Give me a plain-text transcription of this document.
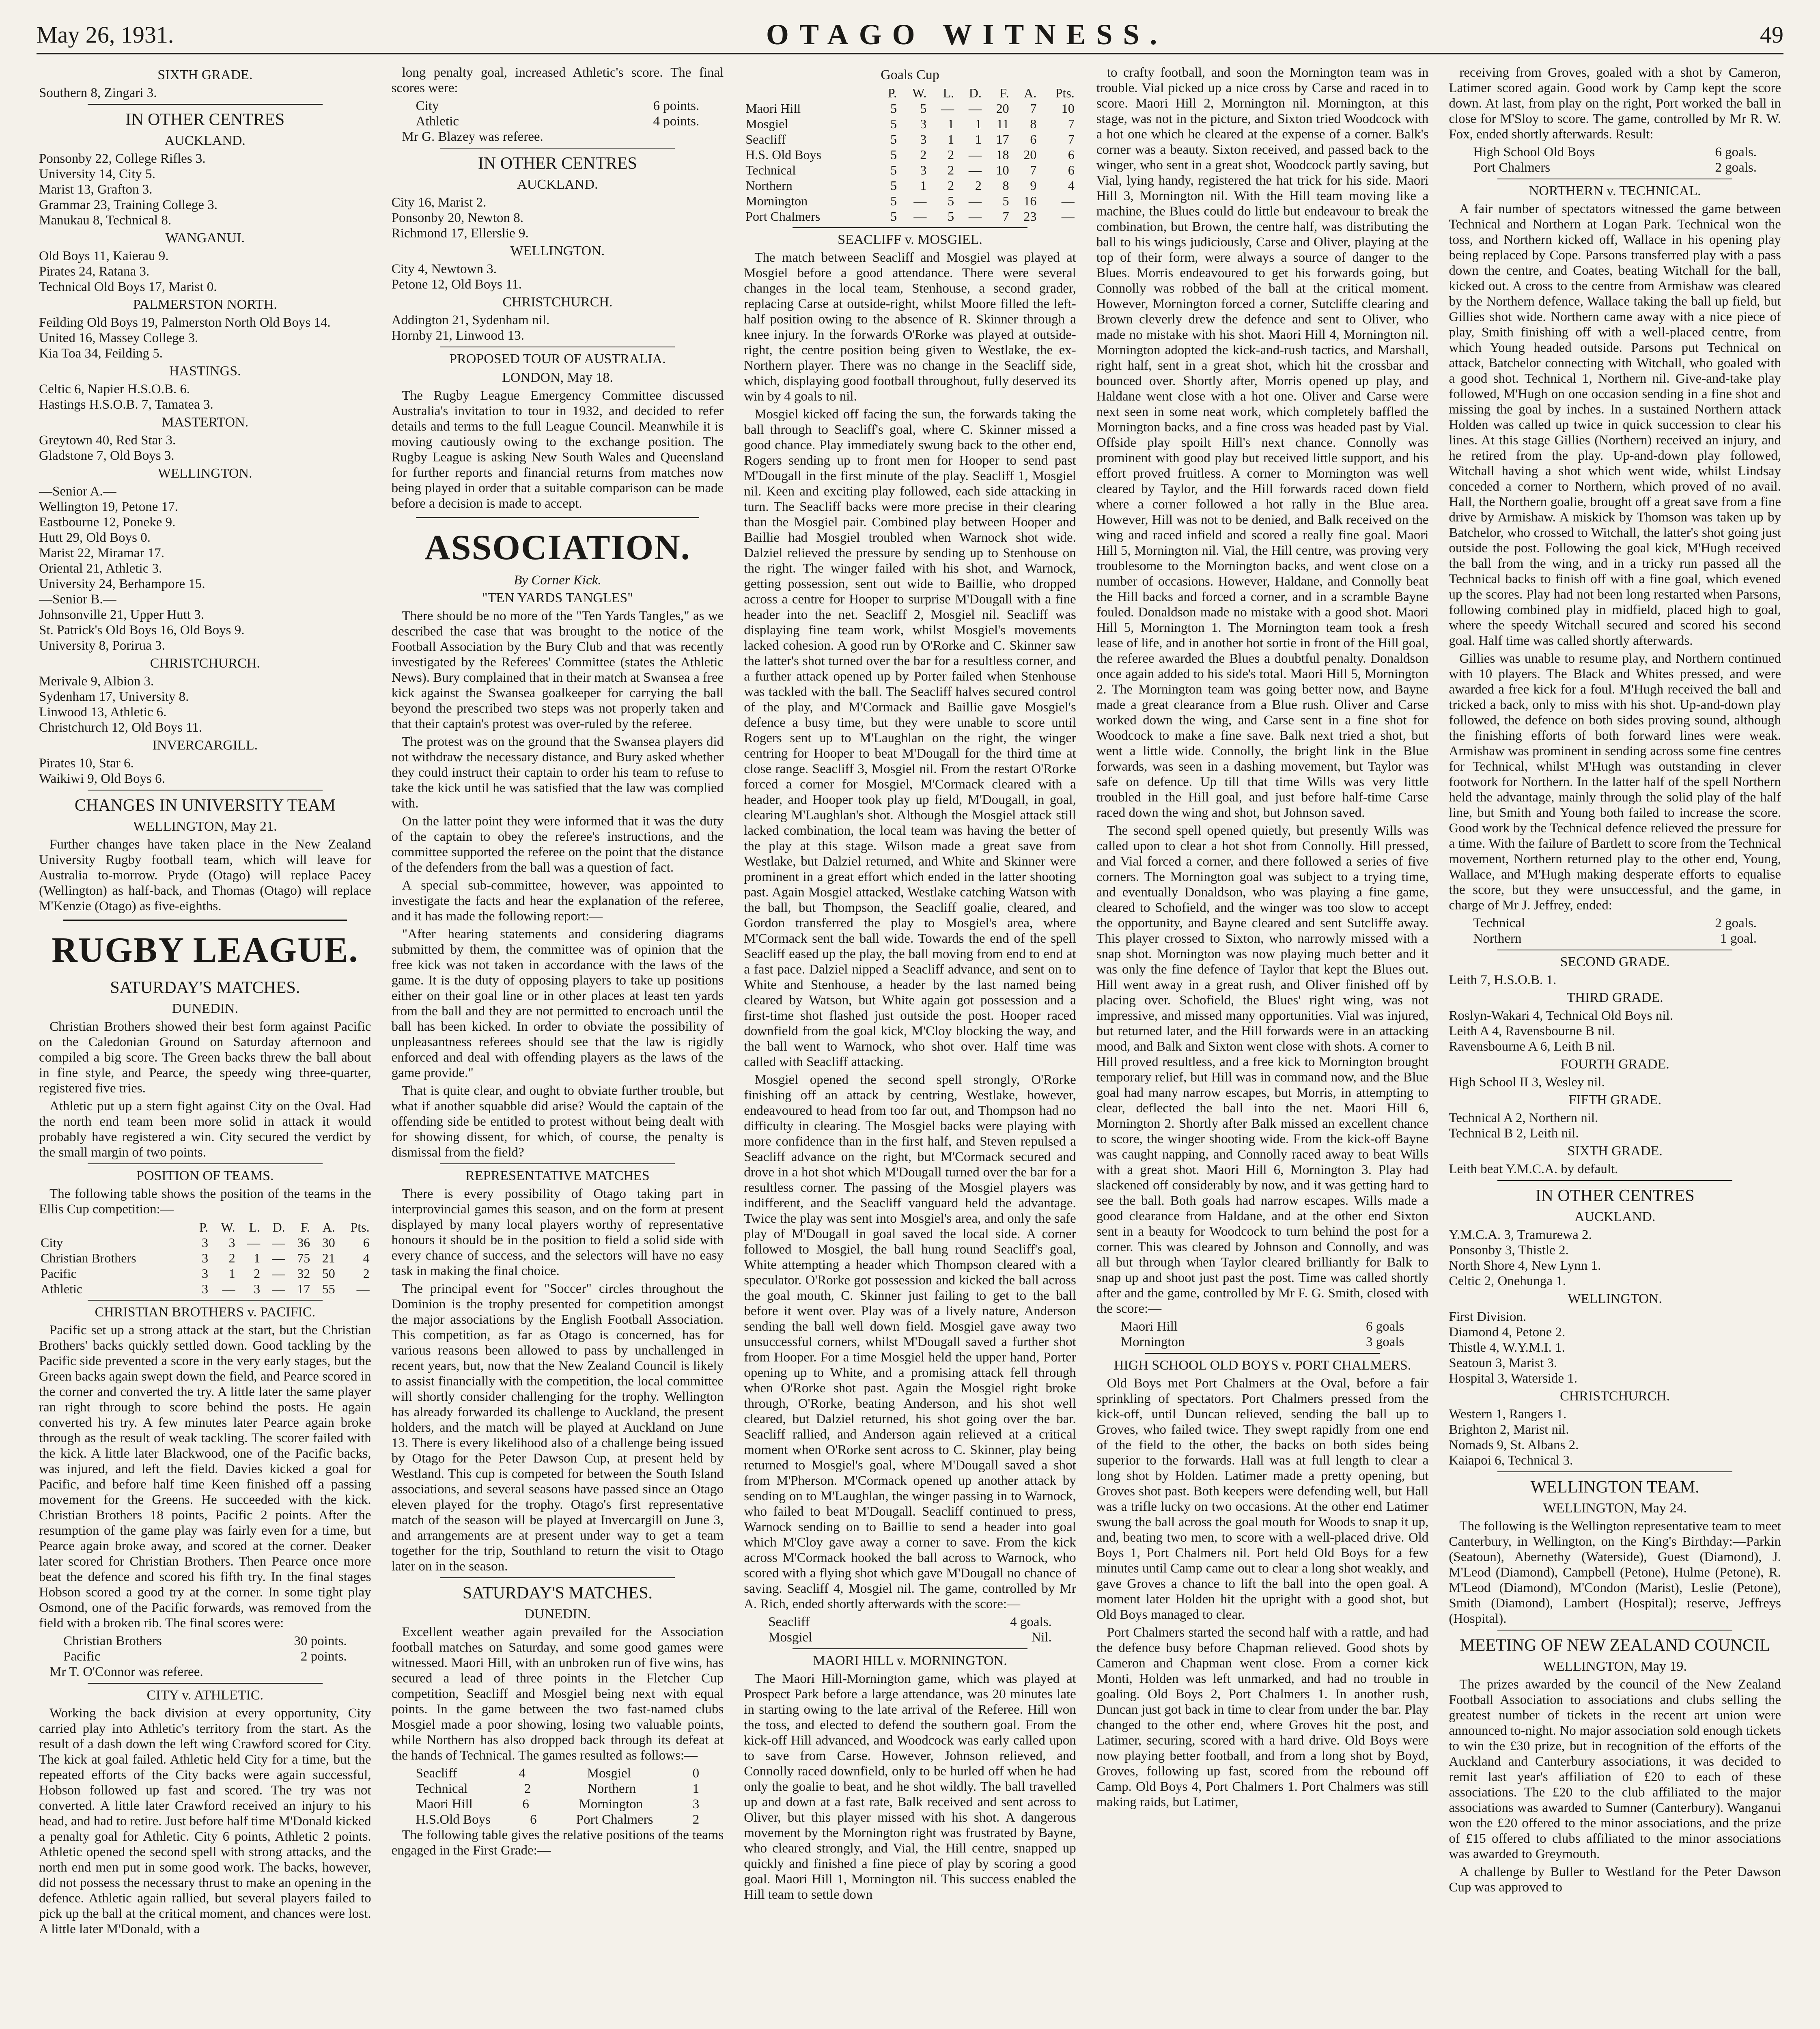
May 26, 1931.	OTAGO WITNESS.	49
SIXTH GRADE.

Southern 8, Zingari 3.

IN OTHER CENTRES
AUCKLAND.

Ponsonby 22, College Rifles 3.

University 14, City 5.

Marist 13, Grafton 3.

Grammar 23, Training College 3.

Manukau 8, Technical 8.

WANGANUI.

Old Boys 11, Kaierau 9.

Pirates 24, Ratana 3.

Technical Old Boys 17, Marist 0.

PALMERSTON NORTH.

Feilding Old Boys 19, Palmerston North Old Boys 14.

United 16, Massey College 3.

Kia Toa 34, Feilding 5.

HASTINGS.

Celtic 6, Napier H.S.O.B. 6.

Hastings H.S.O.B. 7, Tamatea 3.

MASTERTON.

Greytown 40, Red Star 3.

Gladstone 7, Old Boys 3.

WELLINGTON.

—Senior A.—

Wellington 19, Petone 17.

Eastbourne 12, Poneke 9.

Hutt 29, Old Boys 0.

Marist 22, Miramar 17.

Oriental 21, Athletic 3.

University 24, Berhampore 15.

—Senior B.—

Johnsonville 21, Upper Hutt 3.

St. Patrick's Old Boys 16, Old Boys 9.

University 8, Porirua 3.

CHRISTCHURCH.

Merivale 9, Albion 3.

Sydenham 17, University 8.

Linwood 13, Athletic 6.

Christchurch 12, Old Boys 11.

INVERCARGILL.

Pirates 10, Star 6.

Waikiwi 9, Old Boys 6.

CHANGES IN UNIVERSITY TEAM
WELLINGTON, May 21.

Further changes have taken place in the New Zealand University Rugby football team, which will leave for Australia to-morrow. Pryde (Otago) will replace Pacey (Wellington) as half-back, and Thomas (Otago) will replace M'Kenzie (Otago) as five-eighths.

RUGBY LEAGUE.
SATURDAY'S MATCHES.
DUNEDIN.

Christian Brothers showed their best form against Pacific on the Caledonian Ground on Saturday afternoon and compiled a big score. The Green backs threw the ball about in fine style, and Pearce, the speedy wing three-quarter, registered five tries.

Athletic put up a stern fight against City on the Oval. Had the north end team been more solid in attack it would probably have registered a win. City secured the verdict by the small margin of two points.

POSITION OF TEAMS.

The following table shows the position of the teams in the Ellis Cup competition:—

	P.	W.	L.	D.	F.	A.	Pts.
City	3	3	—	—	36	30	6
Christian Brothers	3	2	1	—	75	21	4
Pacific	3	1	2	—	32	50	2
Athletic	3	—	3	—	17	55	—
CHRISTIAN BROTHERS v. PACIFIC.

Pacific set up a strong attack at the start, but the Christian Brothers' backs quickly settled down. Good tackling by the Pacific side prevented a score in the very early stages, but the Green backs again swept down the field, and Pearce scored in the corner and converted the try. A little later the same player ran right through to score behind the posts. He again converted his try. A few minutes later Pearce again broke through as the result of weak tackling. The scorer failed with the kick. A little later Blackwood, one of the Pacific backs, was injured, and left the field. Davies kicked a goal for Pacific, and before half time Keen finished off a passing movement for the Greens. He succeeded with the kick. Christian Brothers 18 points, Pacific 2 points. After the resumption of the game play was fairly even for a time, but Pearce again broke away, and scored at the corner. Deaker later scored for Christian Brothers. Then Pearce once more beat the defence and scored his fifth try. In the final stages Hobson scored a good try at the corner. In some tight play Osmond, one of the Pacific forwards, was removed from the field with a broken rib. The final scores were:

Christian Brothers	30 points.
Pacific	2 points.

Mr T. O'Connor was referee.

CITY v. ATHLETIC.

Working the back division at every opportunity, City carried play into Athletic's territory from the start. As the result of a dash down the left wing Crawford scored for City. The kick at goal failed. Athletic held City for a time, but the repeated efforts of the City backs were again successful, Hobson followed up fast and scored. The try was not converted. A little later Crawford received an injury to his head, and had to retire. Just before half time M'Donald kicked a penalty goal for Athletic. City 6 points, Athletic 2 points. Athletic opened the second spell with strong attacks, and the north end men put in some good work. The backs, however, did not possess the necessary thrust to make an opening in the defence. Athletic again rallied, but several players failed to pick up the ball at the critical moment, and chances were lost. A little later M'Donald, with a

long penalty goal, increased Athletic's score. The final scores were:

City	6 points.
Athletic	4 points.

Mr G. Blazey was referee.

IN OTHER CENTRES
AUCKLAND.

City 16, Marist 2.

Ponsonby 20, Newton 8.

Richmond 17, Ellerslie 9.

WELLINGTON.

City 4, Newtown 3.

Petone 12, Old Boys 11.

CHRISTCHURCH.

Addington 21, Sydenham nil.

Hornby 21, Linwood 13.

PROPOSED TOUR OF AUSTRALIA.
LONDON, May 18.

The Rugby League Emergency Committee discussed Australia's invitation to tour in 1932, and decided to refer details and terms to the full League Council. Meanwhile it is moving cautiously owing to the exchange position. The Rugby League is asking New South Wales and Queensland for further reports and financial returns from matches now being played in order that a suitable comparison can be made before a decision is made to accept.

ASSOCIATION.
By Corner Kick.
"TEN YARDS TANGLES"

There should be no more of the "Ten Yards Tangles," as we described the case that was brought to the notice of the Football Association by the Bury Club and that was recently investigated by the Referees' Committee (states the Athletic News). Bury complained that in their match at Swansea a free kick against the Swansea goalkeeper for carrying the ball beyond the prescribed two steps was not properly taken and that their captain's protest was over-ruled by the referee.

The protest was on the ground that the Swansea players did not withdraw the necessary distance, and Bury asked whether they could instruct their captain to order his team to refuse to take the kick until he was satisfied that the law was complied with.

On the latter point they were informed that it was the duty of the captain to obey the referee's instructions, and the committee supported the referee on the point that the distance of the defenders from the ball was a question of fact.

A special sub-committee, however, was appointed to investigate the facts and hear the explanation of the referee, and it has made the following report:—

"After hearing statements and considering diagrams submitted by them, the committee was of opinion that the free kick was not taken in accordance with the laws of the game. It is the duty of opposing players to take up positions either on their goal line or in other places at least ten yards from the ball and they are not permitted to encroach until the ball has been kicked. In order to obviate the possibility of unpleasantness referees should see that the law is rigidly enforced and deal with offending players as the laws of the game provide."

That is quite clear, and ought to obviate further trouble, but what if another squabble did arise? Would the captain of the offending side be entitled to protest without being dealt with for showing dissent, for which, of course, the penalty is dismissal from the field?

REPRESENTATIVE MATCHES

There is every possibility of Otago taking part in interprovincial games this season, and on the form at present displayed by many local players worthy of representative honours it should be in the position to field a solid side with every chance of success, and the selectors will have no easy task in making the final choice.

The principal event for "Soccer" circles throughout the Dominion is the trophy presented for competition amongst the major associations by the English Football Association. This competition, as far as Otago is concerned, has for various reasons been allowed to pass by unchallenged in recent years, but, now that the New Zealand Council is likely to assist financially with the competition, the local committee will shortly consider challenging for the trophy. Wellington has already forwarded its challenge to Auckland, the present holders, and the match will be played at Auckland on June 13. There is every likelihood also of a challenge being issued by Otago for the Peter Dawson Cup, at present held by Westland. This cup is competed for between the South Island associations, and several seasons have passed since an Otago eleven played for the trophy. Otago's first representative match of the season will be played at Invercargill on June 3, and arrangements are at present under way to get a team together for the trip, Southland to return the visit to Otago later on in the season.

SATURDAY'S MATCHES.
DUNEDIN.

Excellent weather again prevailed for the Association football matches on Saturday, and some good games were witnessed. Maori Hill, with an unbroken run of five wins, has secured a lead of three points in the Fletcher Cup competition, Seacliff and Mosgiel being next with equal points. In the game between the two fast-named clubs Mosgiel made a poor showing, losing two valuable points, while Northern has also dropped back through its defeat at the hands of Technical. The games resulted as follows:—

Seacliff	4	Mosgiel	0
Technical	2	Northern	1
Maori Hill	6	Mornington	3
H.S.Old Boys	6	Port Chalmers	2

The following table gives the relative positions of the teams engaged in the First Grade:—

Goals Cup
	P.	W.	L.	D.	F.	A.	Pts.
Maori Hill	5	5	—	—	20	7	10
Mosgiel	5	3	1	1	11	8	7
Seacliff	5	3	1	1	17	6	7
H.S. Old Boys	5	2	2	—	18	20	6
Technical	5	3	2	—	10	7	6
Northern	5	1	2	2	8	9	4
Mornington	5	—	5	—	5	16	—
Port Chalmers	5	—	5	—	7	23	—
SEACLIFF v. MOSGIEL.

The match between Seacliff and Mosgiel was played at Mosgiel before a good attendance. There were several changes in the local team, Stenhouse, a second grader, replacing Carse at outside-right, whilst Moore filled the left-half position owing to the absence of R. Skinner through a knee injury. In the forwards O'Rorke was played at outside-right, the centre position being given to Westlake, the ex-Northern player. There was no change in the Seacliff side, which, displaying good football throughout, fully deserved its win by 4 goals to nil.

Mosgiel kicked off facing the sun, the forwards taking the ball through to Seacliff's goal, where C. Skinner missed a good chance. Play immediately swung back to the other end, Rogers sending up to front men for Hooper to send past M'Dougall in the first minute of the play. Seacliff 1, Mosgiel nil. Keen and exciting play followed, each side attacking in turn. The Seacliff backs were more precise in their clearing than the Mosgiel pair. Combined play between Hooper and Baillie had Mosgiel troubled when Warnock shot wide. Dalziel relieved the pressure by sending up to Stenhouse on the right. The winger failed with his shot, and Warnock, getting possession, sent out wide to Baillie, who dropped across a centre for Hooper to surprise M'Dougall with a fine header into the net. Seacliff 2, Mosgiel nil. Seacliff was displaying fine team work, whilst Mosgiel's movements lacked cohesion. A good run by O'Rorke and C. Skinner saw the latter's shot turned over the bar for a resultless corner, and a further attack opened up by Porter failed when Stenhouse was tackled with the ball. The Seacliff halves secured control of the play, and M'Cormack and Baillie gave Mosgiel's defence a busy time, but they were unable to score until Rogers sent up to M'Laughlan on the right, the winger centring for Hooper to beat M'Dougall for the third time at close range. Seacliff 3, Mosgiel nil. From the restart O'Rorke forced a corner for Mosgiel, M'Cormack cleared with a header, and Hooper took play up field, M'Dougall, in goal, clearing M'Laughlan's shot. Although the Mosgiel attack still lacked combination, the local team was having the better of the play at this stage. Wilson made a great save from Westlake, but Dalziel returned, and White and Skinner were prominent in a great effort which ended in the latter shooting past. Again Mosgiel attacked, Westlake catching Watson with the ball, but Thompson, the Seacliff goalie, cleared, and Gordon transferred the play to Mosgiel's area, where M'Cormack sent the ball wide. Towards the end of the spell Seacliff eased up the play, the ball moving from end to end at a fast pace. Dalziel nipped a Seacliff advance, and sent on to White and Stenhouse, a header by the last named being cleared by Watson, but White again got possession and a first-time shot flashed just outside the post. Hooper raced downfield from the goal kick, M'Cloy blocking the way, and the ball went to Warnock, who shot over. Half time was called with Seacliff attacking.

Mosgiel opened the second spell strongly, O'Rorke finishing off an attack by centring, Westlake, however, endeavoured to head from too far out, and Thompson had no difficulty in clearing. The Mosgiel backs were playing with more confidence than in the first half, and Steven repulsed a Seacliff advance on the right, but M'Cormack secured and drove in a hot shot which M'Dougall turned over the bar for a resultless corner. The passing of the Mosgiel players was indifferent, and the Seacliff vanguard held the advantage. Twice the play was sent into Mosgiel's area, and only the safe play of M'Dougall in goal saved the local side. A corner followed to Mosgiel, the ball hung round Seacliff's goal, White attempting a header which Thompson cleared with a speculator. O'Rorke got possession and kicked the ball across the goal mouth, C. Skinner just failing to get to the ball before it went over. Play was of a lively nature, Anderson sending the ball well down field. Mosgiel gave away two unsuccessful corners, whilst M'Dougall saved a further shot from Hooper. For a time Mosgiel held the upper hand, Porter opening up to White, and a promising attack fell through when O'Rorke shot past. Again the Mosgiel right broke through, O'Rorke, beating Anderson, and his shot well cleared, but Dalziel returned, his shot going over the bar. Seacliff rallied, and Anderson again relieved at a critical moment when O'Rorke sent across to C. Skinner, play being returned to Mosgiel's goal, where M'Dougall saved a shot from M'Pherson. M'Cormack opened up another attack by sending on to M'Laughlan, the winger passing in to Warnock, who failed to beat M'Dougall. Seacliff continued to press, Warnock sending on to Baillie to send a header into goal which M'Cloy gave away a corner to save. From the kick across M'Cormack hooked the ball across to Warnock, who scored with a flying shot which gave M'Dougall no chance of saving. Seacliff 4, Mosgiel nil. The game, controlled by Mr A. Rich, ended shortly afterwards with the score:—

Seacliff	4 goals.
Mosgiel	Nil.
MAORI HILL v. MORNINGTON.

The Maori Hill-Mornington game, which was played at Prospect Park before a large attendance, was 20 minutes late in starting owing to the late arrival of the Referee. Hill won the toss, and elected to defend the southern goal. From the kick-off Hill advanced, and Woodcock was early called upon to save from Carse. However, Johnson relieved, and Connolly raced downfield, only to be hurled off when he had only the goalie to beat, and he shot wildly. The ball travelled up and down at a fast rate, Balk received and sent across to Oliver, but this player missed with his shot. A dangerous movement by the Mornington right was frustrated by Bayne, who cleared strongly, and Vial, the Hill centre, snapped up quickly and finished a fine piece of play by scoring a good goal. Maori Hill 1, Mornington nil. This success enabled the Hill team to settle down

to crafty football, and soon the Mornington team was in trouble. Vial picked up a nice cross by Carse and raced in to score. Maori Hill 2, Mornington nil. Mornington, at this stage, was not in the picture, and Sixton tried Woodcock with a hot one which he cleared at the expense of a corner. Balk's corner was a beauty. Sixton received, and passed back to the winger, who sent in a great shot, Woodcock partly saving, but Vial, lying handy, registered the hat trick for his side. Maori Hill 3, Mornington nil. With the Hill team moving like a machine, the Blues could do little but endeavour to break the combination, but Brown, the centre half, was distributing the ball to his wings judiciously, Carse and Oliver, playing at the top of their form, were always a source of danger to the Blues. Morris endeavoured to get his forwards going, but Connolly was robbed of the ball at the critical moment. However, Mornington forced a corner, Sutcliffe clearing and Brown cleverly drew the defence and sent to Oliver, who made no mistake with his shot. Maori Hill 4, Mornington nil. Mornington adopted the kick-and-rush tactics, and Marshall, right half, sent in a great shot, which hit the crossbar and bounced over. Shortly after, Morris opened up play, and Haldane went close with a hot one. Oliver and Carse were next seen in some neat work, which completely baffled the Mornington backs, and a fine cross was headed past by Vial. Offside play spoilt Hill's next chance. Connolly was prominent with good play but received little support, and his effort proved fruitless. A corner to Mornington was well cleared by Taylor, and the Hill forwards raced down field where a corner followed a hot rally in the Blue area. However, Hill was not to be denied, and Balk received on the wing and raced infield and scored a really fine goal. Maori Hill 5, Mornington nil. Vial, the Hill centre, was proving very troublesome to the Mornington backs, and went close on a number of occasions. However, Haldane, and Connolly beat the Hill backs and forced a corner, and in a scramble Bayne fouled. Donaldson made no mistake with a good shot. Maori Hill 5, Mornington 1. The Mornington team took a fresh lease of life, and in another hot sortie in front of the Hill goal, the referee awarded the Blues a doubtful penalty. Donaldson once again added to his side's total. Maori Hill 5, Mornington 2. The Mornington team was going better now, and Bayne made a great clearance from a Blue rush. Oliver and Carse worked down the wing, and Carse sent in a fine shot for Woodcock to make a fine save. Balk next tried a shot, but went a little wide. Connolly, the bright link in the Blue forwards, was seen in a dashing movement, but Taylor was safe on defence. Up till that time Wills was very little troubled in the Hill goal, and just before half-time Carse raced down the wing and shot, but Johnson saved.

The second spell opened quietly, but presently Wills was called upon to clear a hot shot from Connolly. Hill pressed, and Vial forced a corner, and there followed a series of five corners. The Mornington goal was subject to a trying time, and eventually Donaldson, who was playing a fine game, cleared to Schofield, and the winger was too slow to accept the opportunity, and Bayne cleared and sent Sutcliffe away. This player crossed to Sixton, who narrowly missed with a snap shot. Mornington was now playing much better and it was only the fine defence of Taylor that kept the Blues out. Hill went away in a great rush, and Oliver finished off by placing over. Schofield, the Blues' right wing, was not impressive, and missed many opportunities. Vial was injured, but returned later, and the Hill forwards were in an attacking mood, and Balk and Sixton went close with shots. A corner to Hill proved resultless, and a free kick to Mornington brought temporary relief, but Hill was in command now, and the Blue goal had many narrow escapes, but Morris, in attempting to clear, deflected the ball into the net. Maori Hill 6, Mornington 2. Shortly after Balk missed an excellent chance to score, the winger shooting wide. From the kick-off Bayne was caught napping, and Connolly raced away to beat Wills with a great shot. Maori Hill 6, Mornington 3. Play had slackened off considerably by now, and it was getting hard to see the ball. Both goals had narrow escapes. Wills made a good clearance from Haldane, and at the other end Sixton sent in a beauty for Woodcock to turn behind the post for a corner. This was cleared by Johnson and Connolly, and was all but through when Taylor cleared brilliantly for Balk to snap up and shoot just past the post. Time was called shortly after and the game, controlled by Mr F. G. Smith, closed with the score:—

Maori Hill	6 goals
Mornington	3 goals
HIGH SCHOOL OLD BOYS v. PORT CHALMERS.

Old Boys met Port Chalmers at the Oval, before a fair sprinkling of spectators. Port Chalmers pressed from the kick-off, until Duncan relieved, sending the ball up to Groves, who failed twice. They swept rapidly from one end of the field to the other, the backs on both sides being superior to the forwards. Hall was at full length to clear a long shot by Holden. Latimer made a pretty opening, but Groves shot past. Both keepers were defending well, but Hall was a trifle lucky on two occasions. At the other end Latimer swung the ball across the goal mouth for Woods to snap it up, and, beating two men, to score with a well-placed drive. Old Boys 1, Port Chalmers nil. Port held Old Boys for a few minutes until Camp came out to clear a long shot weakly, and gave Groves a chance to lift the ball into the open goal. A moment later Holden hit the upright with a good shot, but Old Boys managed to clear.

Port Chalmers started the second half with a rattle, and had the defence busy before Chapman relieved. Good shots by Cameron and Chapman went close. From a corner kick Monti, Holden was left unmarked, and had no trouble in goaling. Old Boys 2, Port Chalmers 1. In another rush, Duncan just got back in time to clear from under the bar. Play changed to the other end, where Groves hit the post, and Latimer, securing, scored with a hard drive. Old Boys were now playing better football, and from a long shot by Boyd, Groves, following up fast, scored from the rebound off Camp. Old Boys 4, Port Chalmers 1. Port Chalmers was still making raids, but Latimer,

receiving from Groves, goaled with a shot by Cameron, Latimer scored again. Good work by Camp kept the score down. At last, from play on the right, Port worked the ball in close for M'Sloy to score. The game, controlled by Mr R. W. Fox, ended shortly afterwards. Result:

High School Old Boys	6 goals.
Port Chalmers	2 goals.
NORTHERN v. TECHNICAL.

A fair number of spectators witnessed the game between Technical and Northern at Logan Park. Technical won the toss, and Northern kicked off, Wallace in his opening play being replaced by Cope. Parsons transferred play with a pass down the centre, and Coates, beating Witchall for the ball, kicked out. A cross to the centre from Armishaw was cleared by the Northern defence, Wallace taking the ball up field, but Gillies shot wide. Northern came away with a nice piece of play, Smith finishing off with a well-placed centre, from which Young headed outside. Parsons put Technical on attack, Batchelor connecting with Witchall, who goaled with a good shot. Technical 1, Northern nil. Give-and-take play followed, M'Hugh on one occasion sending in a fine shot and missing the goal by inches. In a sustained Northern attack Holden was called up twice in quick succession to clear his lines. At this stage Gillies (Northern) received an injury, and he retired from the play. Up-and-down play followed, Witchall having a shot which went wide, whilst Lindsay conceded a corner to Northern, which proved of no avail. Hall, the Northern goalie, brought off a great save from a fine drive by Armishaw. A miskick by Thomson was taken up by Batchelor, who crossed to Witchall, the latter's shot going just outside the post. Following the goal kick, M'Hugh received the ball from the wing, and in a tricky run passed all the Technical backs to finish off with a fine goal, which evened up the scores. Play had not been long restarted when Parsons, following combined play in midfield, placed high to goal, where the speedy Witchall secured and scored his second goal. Half time was called shortly afterwards.

Gillies was unable to resume play, and Northern continued with 10 players. The Black and Whites pressed, and were awarded a free kick for a foul. M'Hugh received the ball and tricked a back, only to miss with his shot. Up-and-down play followed, the defence on both sides proving sound, although the finishing efforts of both forward lines were weak. Armishaw was prominent in sending across some fine centres for Technical, whilst M'Hugh was outstanding in clever footwork for Northern. In the latter half of the spell Northern held the advantage, mainly through the solid play of the half line, but Smith and Young both failed to increase the score. Good work by the Technical defence relieved the pressure for a time. With the failure of Bartlett to score from the Technical movement, Northern returned play to the other end, Young, Wallace, and M'Hugh making desperate efforts to equalise the score, but they were unsuccessful, and the game, in charge of Mr J. Jeffrey, ended:

Technical	2 goals.
Northern	1 goal.
SECOND GRADE.

Leith 7, H.S.O.B. 1.

THIRD GRADE.

Roslyn-Wakari 4, Technical Old Boys nil.

Leith A 4, Ravensbourne B nil.

Ravensbourne A 6, Leith B nil.

FOURTH GRADE.

High School II 3, Wesley nil.

FIFTH GRADE.

Technical A 2, Northern nil.

Technical B 2, Leith nil.

SIXTH GRADE.

Leith beat Y.M.C.A. by default.

IN OTHER CENTRES
AUCKLAND.

Y.M.C.A. 3, Tramurewa 2.

Ponsonby 3, Thistle 2.

North Shore 4, New Lynn 1.

Celtic 2, Onehunga 1.

WELLINGTON.

First Division.

Diamond 4, Petone 2.

Thistle 4, W.Y.M.I. 1.

Seatoun 3, Marist 3.

Hospital 3, Waterside 1.

CHRISTCHURCH.

Western 1, Rangers 1.

Brighton 2, Marist nil.

Nomads 9, St. Albans 2.

Kaiapoi 6, Technical 3.

WELLINGTON TEAM.
WELLINGTON, May 24.

The following is the Wellington representative team to meet Canterbury, in Wellington, on the King's Birthday:—Parkin (Seatoun), Abernethy (Waterside), Guest (Diamond), J. M'Leod (Diamond), Campbell (Petone), Hulme (Petone), R. M'Leod (Diamond), M'Condon (Marist), Leslie (Petone), Smith (Diamond), Lambert (Hospital); reserve, Jeffreys (Hospital).

MEETING OF NEW ZEALAND COUNCIL
WELLINGTON, May 19.

The prizes awarded by the council of the New Zealand Football Association to associations and clubs selling the greatest number of tickets in the recent art union were announced to-night. No major association sold enough tickets to win the £30 prize, but in recognition of the efforts of the Auckland and Canterbury associations, it was decided to remit last year's affiliation of £20 to each of these associations. The £20 to the club affiliated to the major associations was awarded to Sumner (Canterbury). Wanganui won the £20 offered to the minor associations, and the prize of £15 offered to clubs affiliated to the minor associations was awarded to Greymouth.

A challenge by Buller to Westland for the Peter Dawson Cup was approved to
